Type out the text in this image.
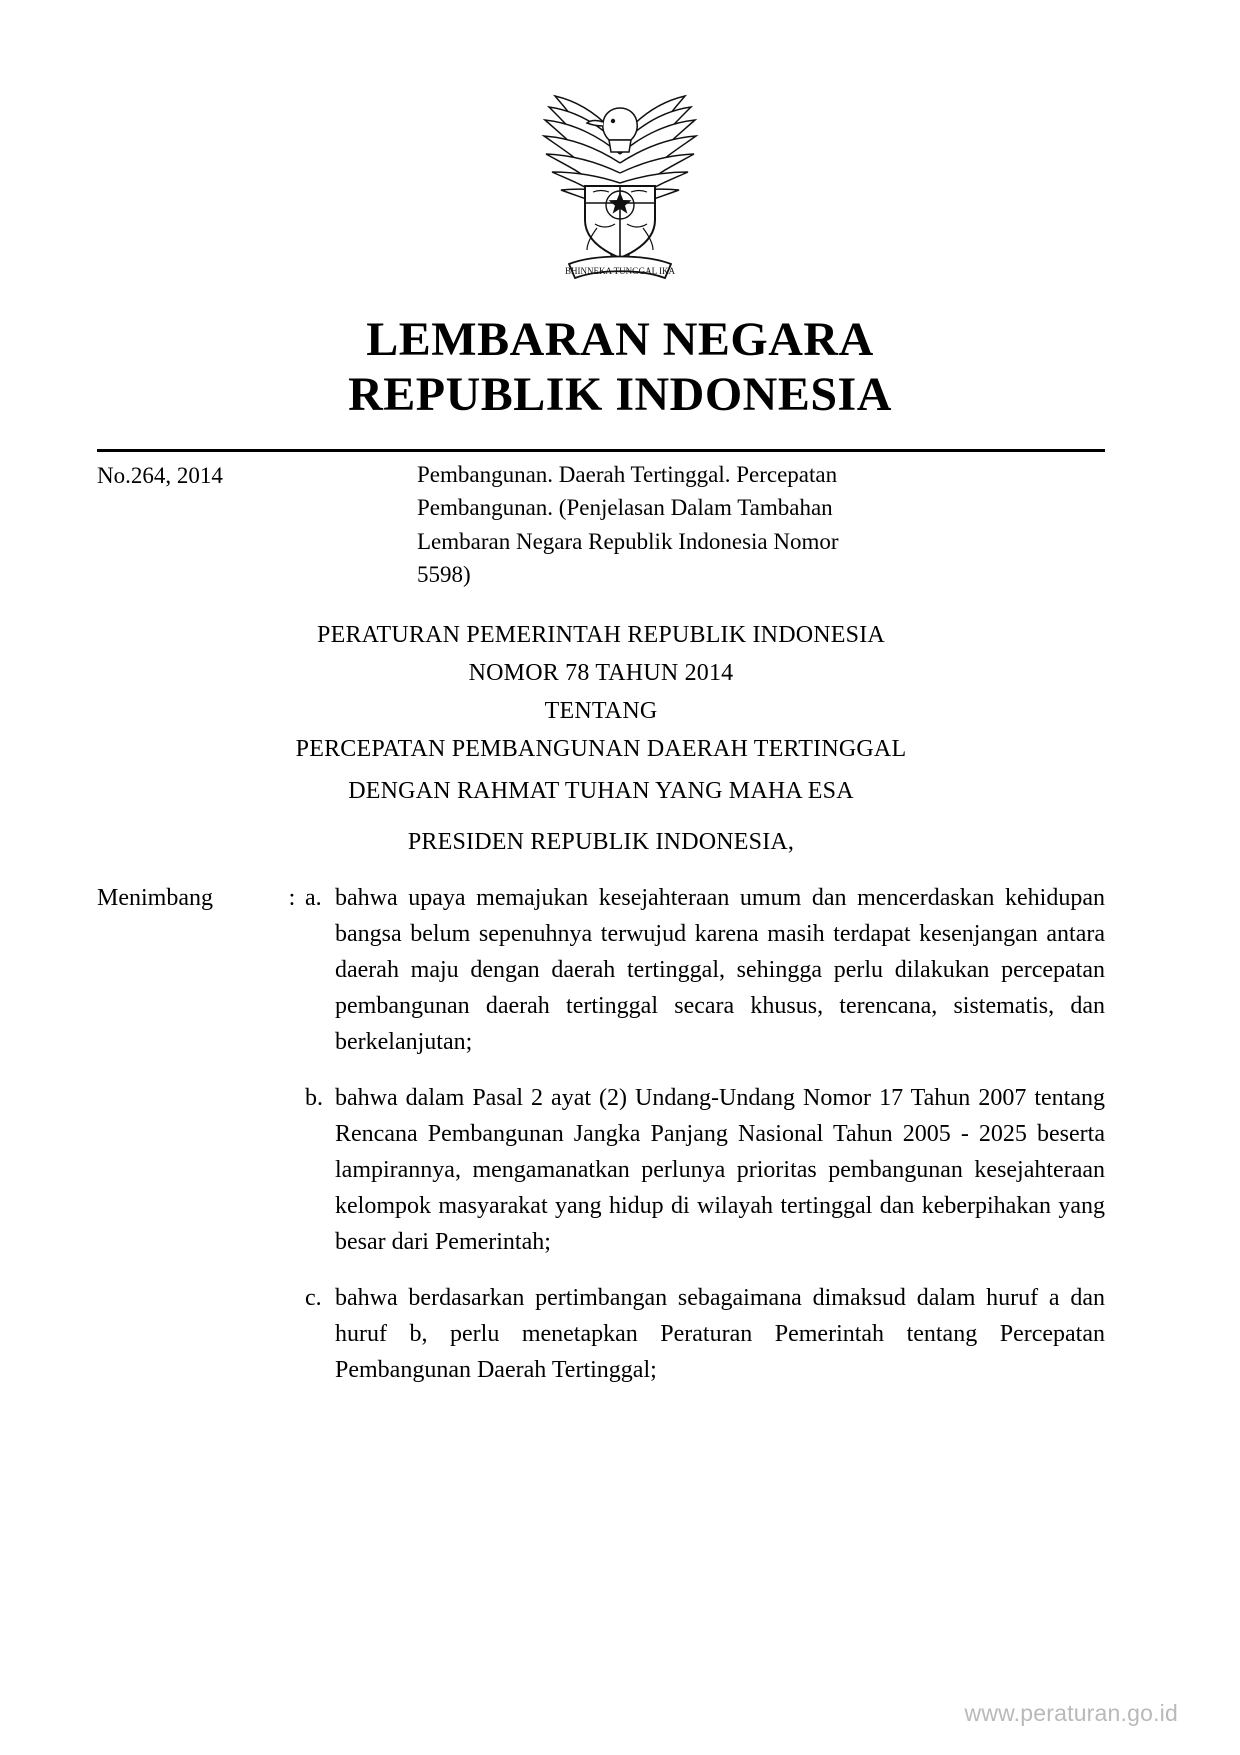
BHINNEKA TUNGGAL IKA
LEMBARAN NEGARA
REPUBLIK INDONESIA
No.264, 2014	Pembangunan. Daerah Tertinggal. Percepatan
Pembangunan. (Penjelasan Dalam Tambahan
Lembaran Negara Republik Indonesia Nomor
5598)
PERATURAN PEMERINTAH REPUBLIK INDONESIA
NOMOR 78 TAHUN 2014
TENTANG
PERCEPATAN PEMBANGUNAN DAERAH TERTINGGAL
DENGAN RAHMAT TUHAN YANG MAHA ESA
PRESIDEN REPUBLIK INDONESIA,
Menimbang	: a. bahwa upaya memajukan kesejahteraan umum dan mencerdaskan kehidupan bangsa belum sepenuhnya terwujud karena masih terdapat kesenjangan antara daerah maju dengan daerah tertinggal, sehingga perlu dilakukan percepatan pembangunan daerah tertinggal secara khusus, terencana, sistematis, dan berkelanjutan;
b. bahwa dalam Pasal 2 ayat (2) Undang-Undang Nomor 17 Tahun 2007 tentang Rencana Pembangunan Jangka Panjang Nasional Tahun 2005 - 2025 beserta lampirannya, mengamanatkan perlunya prioritas pembangunan kesejahteraan kelompok masyarakat yang hidup di wilayah tertinggal dan keberpihakan yang besar dari Pemerintah;
c. bahwa berdasarkan pertimbangan sebagaimana dimaksud dalam huruf a dan huruf b, perlu menetapkan Peraturan Pemerintah tentang Percepatan Pembangunan Daerah Tertinggal;
www.peraturan.go.id
